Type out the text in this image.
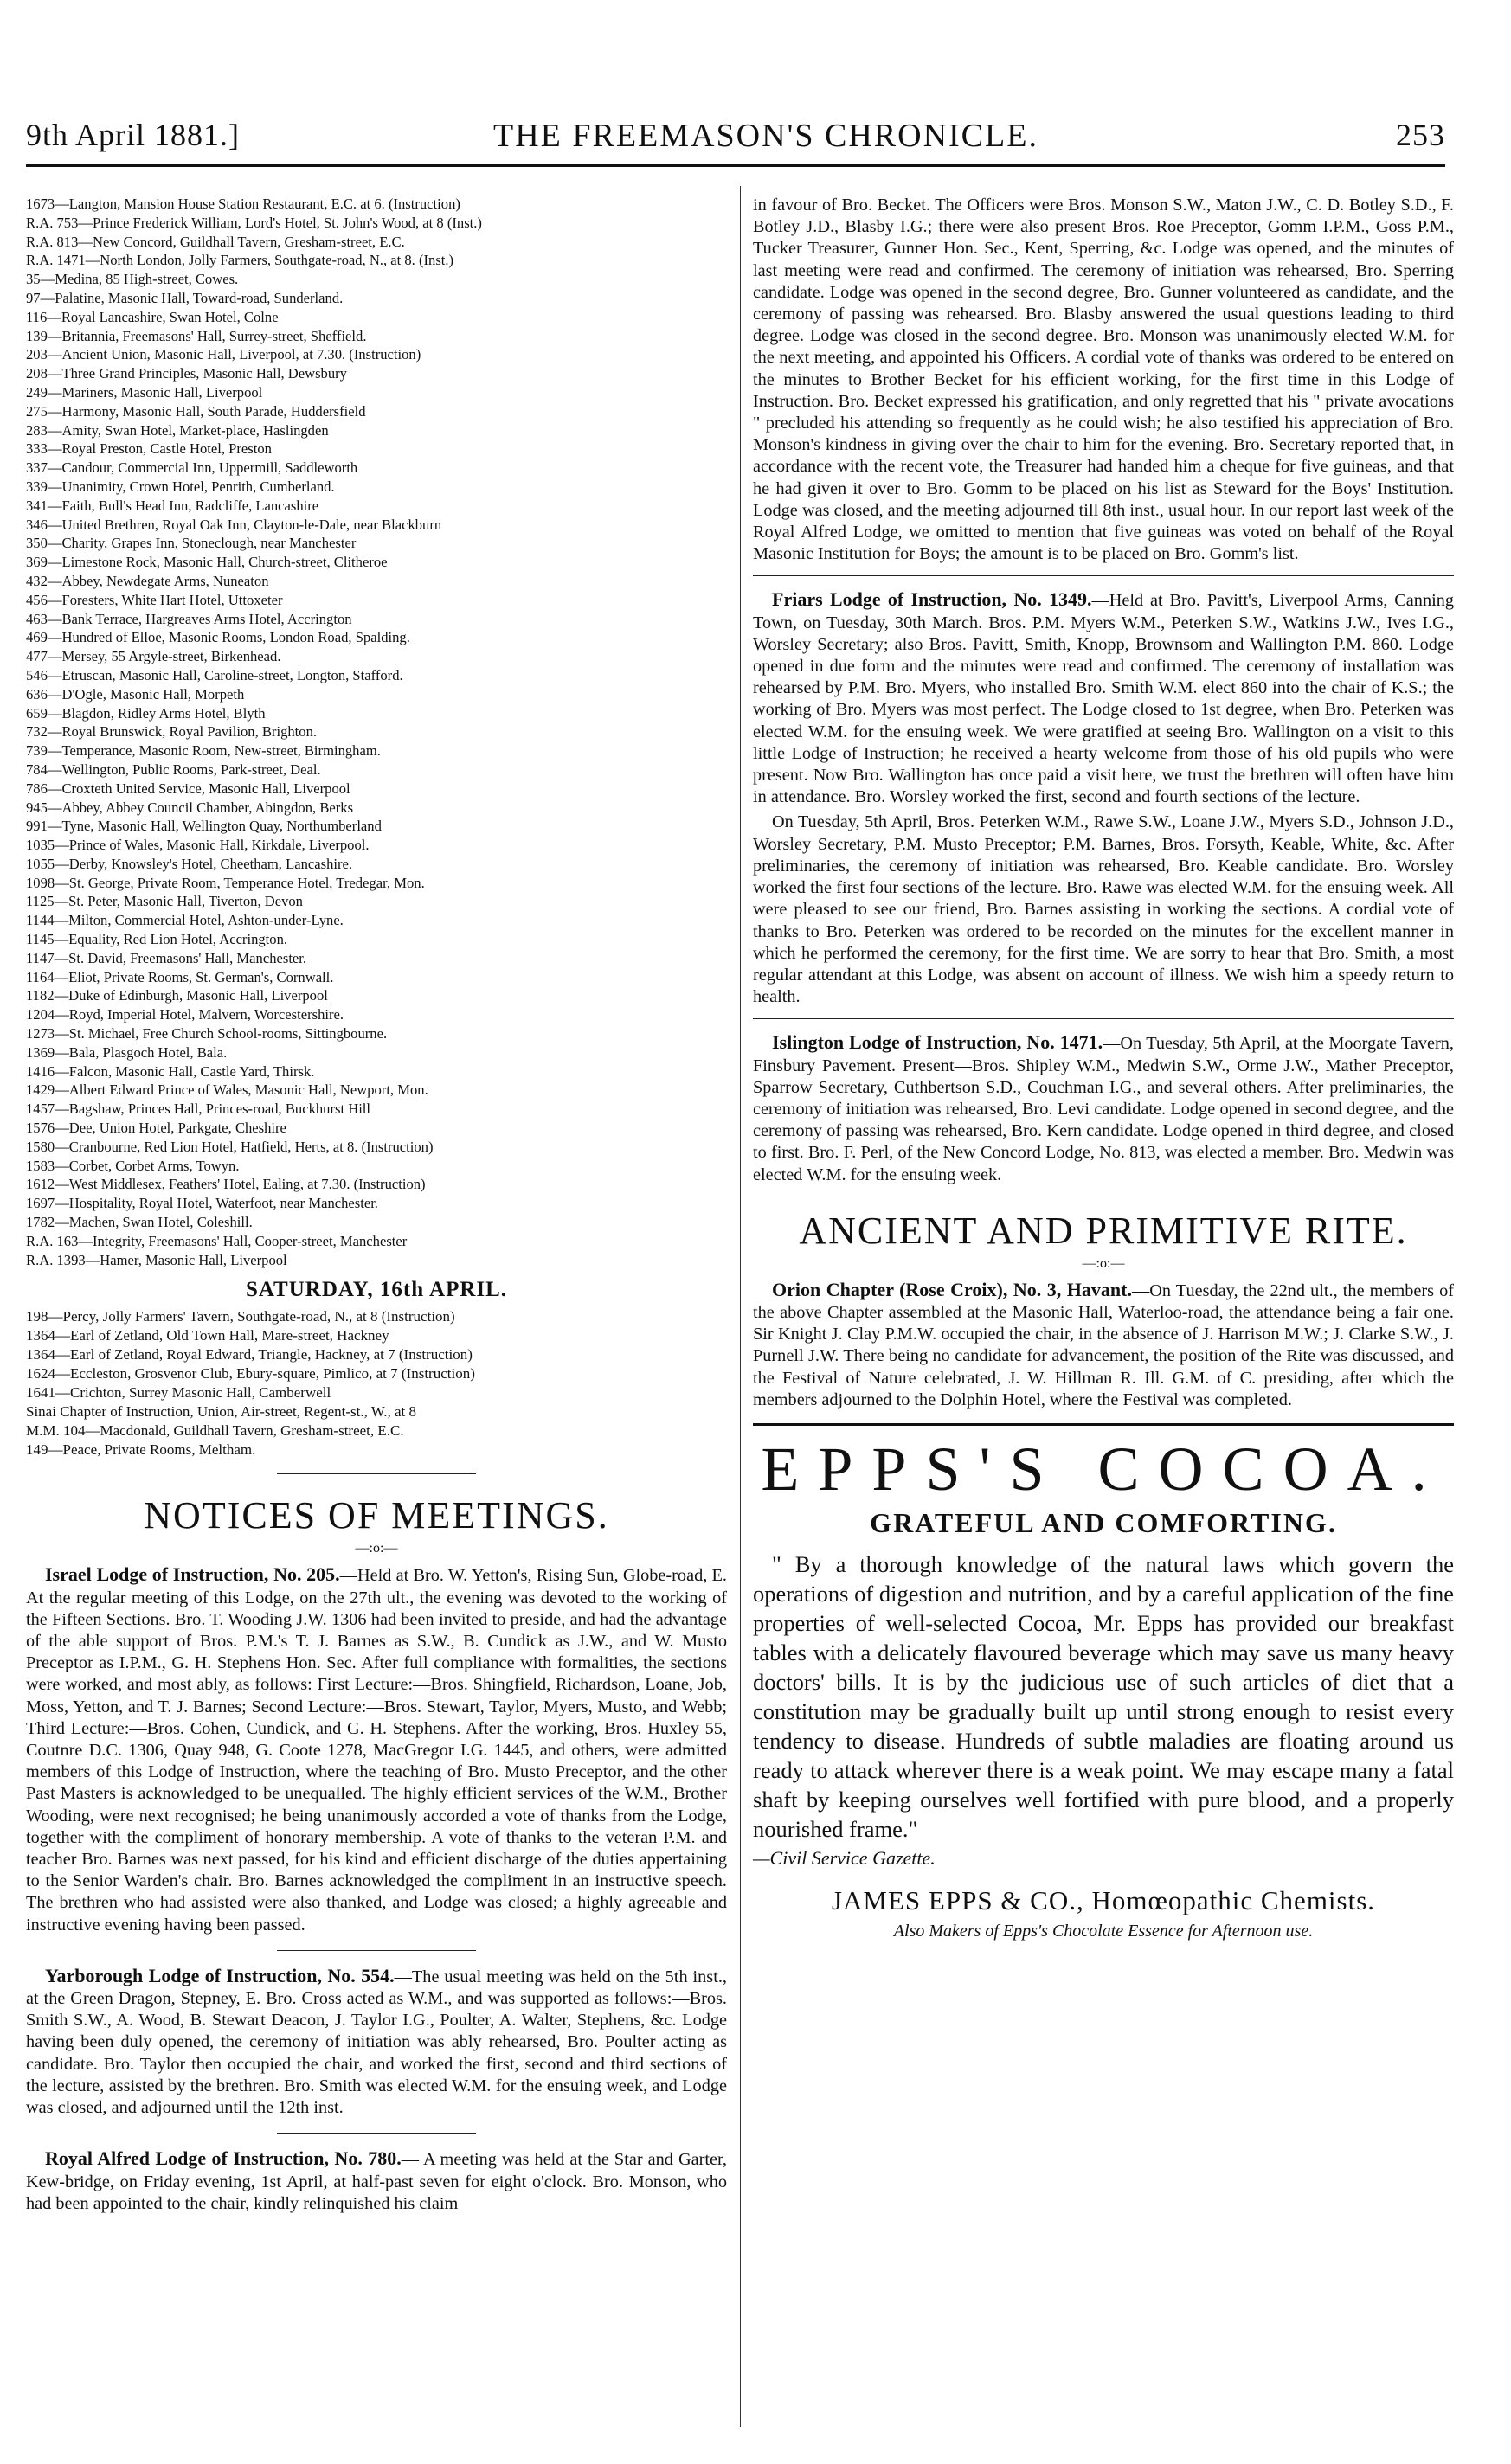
9th April 1881.]	THE FREEMASON'S CHRONICLE.	253
1673—Langton, Mansion House Station Restaurant, E.C. at 6. (Instruction)
R.A. 753—Prince Frederick William, Lord's Hotel, St. John's Wood, at 8 (Inst.)
R.A. 813—New Concord, Guildhall Tavern, Gresham-street, E.C.
R.A. 1471—North London, Jolly Farmers, Southgate-road, N., at 8. (Inst.)
35—Medina, 85 High-street, Cowes.
97—Palatine, Masonic Hall, Toward-road, Sunderland.
116—Royal Lancashire, Swan Hotel, Colne
139—Britannia, Freemasons' Hall, Surrey-street, Sheffield.
203—Ancient Union, Masonic Hall, Liverpool, at 7.30. (Instruction)
208—Three Grand Principles, Masonic Hall, Dewsbury
249—Mariners, Masonic Hall, Liverpool
275—Harmony, Masonic Hall, South Parade, Huddersfield
283—Amity, Swan Hotel, Market-place, Haslingden
333—Royal Preston, Castle Hotel, Preston
337—Candour, Commercial Inn, Uppermill, Saddleworth
339—Unanimity, Crown Hotel, Penrith, Cumberland.
341—Faith, Bull's Head Inn, Radcliffe, Lancashire
346—United Brethren, Royal Oak Inn, Clayton-le-Dale, near Blackburn
350—Charity, Grapes Inn, Stoneclough, near Manchester
369—Limestone Rock, Masonic Hall, Church-street, Clitheroe
432—Abbey, Newdegate Arms, Nuneaton
456—Foresters, White Hart Hotel, Uttoxeter
463—Bank Terrace, Hargreaves Arms Hotel, Accrington
469—Hundred of Elloe, Masonic Rooms, London Road, Spalding.
477—Mersey, 55 Argyle-street, Birkenhead.
546—Etruscan, Masonic Hall, Caroline-street, Longton, Stafford.
636—D'Ogle, Masonic Hall, Morpeth
659—Blagdon, Ridley Arms Hotel, Blyth
732—Royal Brunswick, Royal Pavilion, Brighton.
739—Temperance, Masonic Room, New-street, Birmingham.
784—Wellington, Public Rooms, Park-street, Deal.
786—Croxteth United Service, Masonic Hall, Liverpool
945—Abbey, Abbey Council Chamber, Abingdon, Berks
991—Tyne, Masonic Hall, Wellington Quay, Northumberland
1035—Prince of Wales, Masonic Hall, Kirkdale, Liverpool.
1055—Derby, Knowsley's Hotel, Cheetham, Lancashire.
1098—St. George, Private Room, Temperance Hotel, Tredegar, Mon.
1125—St. Peter, Masonic Hall, Tiverton, Devon
1144—Milton, Commercial Hotel, Ashton-under-Lyne.
1145—Equality, Red Lion Hotel, Accrington.
1147—St. David, Freemasons' Hall, Manchester.
1164—Eliot, Private Rooms, St. German's, Cornwall.
1182—Duke of Edinburgh, Masonic Hall, Liverpool
1204—Royd, Imperial Hotel, Malvern, Worcestershire.
1273—St. Michael, Free Church School-rooms, Sittingbourne.
1369—Bala, Plasgoch Hotel, Bala.
1416—Falcon, Masonic Hall, Castle Yard, Thirsk.
1429—Albert Edward Prince of Wales, Masonic Hall, Newport, Mon.
1457—Bagshaw, Princes Hall, Princes-road, Buckhurst Hill
1576—Dee, Union Hotel, Parkgate, Cheshire
1580—Cranbourne, Red Lion Hotel, Hatfield, Herts, at 8. (Instruction)
1583—Corbet, Corbet Arms, Towyn.
1612—West Middlesex, Feathers' Hotel, Ealing, at 7.30. (Instruction)
1697—Hospitality, Royal Hotel, Waterfoot, near Manchester.
1782—Machen, Swan Hotel, Coleshill.
R.A. 163—Integrity, Freemasons' Hall, Cooper-street, Manchester
R.A. 1393—Hamer, Masonic Hall, Liverpool
SATURDAY, 16th APRIL.
198—Percy, Jolly Farmers' Tavern, Southgate-road, N., at 8 (Instruction)
1364—Earl of Zetland, Old Town Hall, Mare-street, Hackney
1364—Earl of Zetland, Royal Edward, Triangle, Hackney, at 7 (Instruction)
1624—Eccleston, Grosvenor Club, Ebury-square, Pimlico, at 7 (Instruction)
1641—Crichton, Surrey Masonic Hall, Camberwell
Sinai Chapter of Instruction, Union, Air-street, Regent-st., W., at 8
M.M. 104—Macdonald, Guildhall Tavern, Gresham-street, E.C.
149—Peace, Private Rooms, Meltham.
NOTICES OF MEETINGS.
—:o:—

Israel Lodge of Instruction, No. 205.—Held at Bro. W. Yetton's, Rising Sun, Globe-road, E. At the regular meeting of this Lodge, on the 27th ult., the evening was devoted to the working of the Fifteen Sections. Bro. T. Wooding J.W. 1306 had been invited to preside, and had the advantage of the able support of Bros. P.M.'s T. J. Barnes as S.W., B. Cundick as J.W., and W. Musto Preceptor as I.P.M., G. H. Stephens Hon. Sec. After full compliance with formalities, the sections were worked, and most ably, as follows: First Lecture:—Bros. Shingfield, Richardson, Loane, Job, Moss, Yetton, and T. J. Barnes; Second Lecture:—Bros. Stewart, Taylor, Myers, Musto, and Webb; Third Lecture:—Bros. Cohen, Cundick, and G. H. Stephens. After the working, Bros. Huxley 55, Coutnre D.C. 1306, Quay 948, G. Coote 1278, MacGregor I.G. 1445, and others, were admitted members of this Lodge of Instruction, where the teaching of Bro. Musto Preceptor, and the other Past Masters is acknowledged to be unequalled. The highly efficient services of the W.M., Brother Wooding, were next recognised; he being unanimously accorded a vote of thanks from the Lodge, together with the compliment of honorary membership. A vote of thanks to the veteran P.M. and teacher Bro. Barnes was next passed, for his kind and efficient discharge of the duties appertaining to the Senior Warden's chair. Bro. Barnes acknowledged the compliment in an instructive speech. The brethren who had assisted were also thanked, and Lodge was closed; a highly agreeable and instructive evening having been passed.

Yarborough Lodge of Instruction, No. 554.—The usual meeting was held on the 5th inst., at the Green Dragon, Stepney, E. Bro. Cross acted as W.M., and was supported as follows:—Bros. Smith S.W., A. Wood, B. Stewart Deacon, J. Taylor I.G., Poulter, A. Walter, Stephens, &c. Lodge having been duly opened, the ceremony of initiation was ably rehearsed, Bro. Poulter acting as candidate. Bro. Taylor then occupied the chair, and worked the first, second and third sections of the lecture, assisted by the brethren. Bro. Smith was elected W.M. for the ensuing week, and Lodge was closed, and adjourned until the 12th inst.

Royal Alfred Lodge of Instruction, No. 780.— A meeting was held at the Star and Garter, Kew-bridge, on Friday evening, 1st April, at half-past seven for eight o'clock. Bro. Monson, who had been appointed to the chair, kindly relinquished his claim

in favour of Bro. Becket. The Officers were Bros. Monson S.W., Maton J.W., C. D. Botley S.D., F. Botley J.D., Blasby I.G.; there were also present Bros. Roe Preceptor, Gomm I.P.M., Goss P.M., Tucker Treasurer, Gunner Hon. Sec., Kent, Sperring, &c. Lodge was opened, and the minutes of last meeting were read and confirmed. The ceremony of initiation was rehearsed, Bro. Sperring candidate. Lodge was opened in the second degree, Bro. Gunner volunteered as candidate, and the ceremony of passing was rehearsed. Bro. Blasby answered the usual questions leading to third degree. Lodge was closed in the second degree. Bro. Monson was unanimously elected W.M. for the next meeting, and appointed his Officers. A cordial vote of thanks was ordered to be entered on the minutes to Brother Becket for his efficient working, for the first time in this Lodge of Instruction. Bro. Becket expressed his gratification, and only regretted that his " private avocations " precluded his attending so frequently as he could wish; he also testified his appreciation of Bro. Monson's kindness in giving over the chair to him for the evening. Bro. Secretary reported that, in accordance with the recent vote, the Treasurer had handed him a cheque for five guineas, and that he had given it over to Bro. Gomm to be placed on his list as Steward for the Boys' Institution. Lodge was closed, and the meeting adjourned till 8th inst., usual hour. In our report last week of the Royal Alfred Lodge, we omitted to mention that five guineas was voted on behalf of the Royal Masonic Institution for Boys; the amount is to be placed on Bro. Gomm's list.

Friars Lodge of Instruction, No. 1349.—Held at Bro. Pavitt's, Liverpool Arms, Canning Town, on Tuesday, 30th March. Bros. P.M. Myers W.M., Peterken S.W., Watkins J.W., Ives I.G., Worsley Secretary; also Bros. Pavitt, Smith, Knopp, Brownsom and Wallington P.M. 860. Lodge opened in due form and the minutes were read and confirmed. The ceremony of installation was rehearsed by P.M. Bro. Myers, who installed Bro. Smith W.M. elect 860 into the chair of K.S.; the working of Bro. Myers was most perfect. The Lodge closed to 1st degree, when Bro. Peterken was elected W.M. for the ensuing week. We were gratified at seeing Bro. Wallington on a visit to this little Lodge of Instruction; he received a hearty welcome from those of his old pupils who were present. Now Bro. Wallington has once paid a visit here, we trust the brethren will often have him in attendance. Bro. Worsley worked the first, second and fourth sections of the lecture.

On Tuesday, 5th April, Bros. Peterken W.M., Rawe S.W., Loane J.W., Myers S.D., Johnson J.D., Worsley Secretary, P.M. Musto Preceptor; P.M. Barnes, Bros. Forsyth, Keable, White, &c. After preliminaries, the ceremony of initiation was rehearsed, Bro. Keable candidate. Bro. Worsley worked the first four sections of the lecture. Bro. Rawe was elected W.M. for the ensuing week. All were pleased to see our friend, Bro. Barnes assisting in working the sections. A cordial vote of thanks to Bro. Peterken was ordered to be recorded on the minutes for the excellent manner in which he performed the ceremony, for the first time. We are sorry to hear that Bro. Smith, a most regular attendant at this Lodge, was absent on account of illness. We wish him a speedy return to health.

Islington Lodge of Instruction, No. 1471.—On Tuesday, 5th April, at the Moorgate Tavern, Finsbury Pavement. Present—Bros. Shipley W.M., Medwin S.W., Orme J.W., Mather Preceptor, Sparrow Secretary, Cuthbertson S.D., Couchman I.G., and several others. After preliminaries, the ceremony of initiation was rehearsed, Bro. Levi candidate. Lodge opened in second degree, and the ceremony of passing was rehearsed, Bro. Kern candidate. Lodge opened in third degree, and closed to first. Bro. F. Perl, of the New Concord Lodge, No. 813, was elected a member. Bro. Medwin was elected W.M. for the ensuing week.

ANCIENT AND PRIMITIVE RITE.
—:o:—

Orion Chapter (Rose Croix), No. 3, Havant.—On Tuesday, the 22nd ult., the members of the above Chapter assembled at the Masonic Hall, Waterloo-road, the attendance being a fair one. Sir Knight J. Clay P.M.W. occupied the chair, in the absence of J. Harrison M.W.; J. Clarke S.W., J. Purnell J.W. There being no candidate for advancement, the position of the Rite was discussed, and the Festival of Nature celebrated, J. W. Hillman R. Ill. G.M. of C. presiding, after which the members adjourned to the Dolphin Hotel, where the Festival was completed.

EPPS'S COCOA.
GRATEFUL AND COMFORTING.

" By a thorough knowledge of the natural laws which govern the operations of digestion and nutrition, and by a careful application of the fine properties of well-selected Cocoa, Mr. Epps has provided our breakfast tables with a delicately flavoured beverage which may save us many heavy doctors' bills. It is by the judicious use of such articles of diet that a constitution may be gradually built up until strong enough to resist every tendency to disease. Hundreds of subtle maladies are floating around us ready to attack wherever there is a weak point. We may escape many a fatal shaft by keeping ourselves well fortified with pure blood, and a properly nourished frame."

—Civil Service Gazette.
JAMES EPPS & CO., Homœopathic Chemists.
Also Makers of Epps's Chocolate Essence for Afternoon use.
